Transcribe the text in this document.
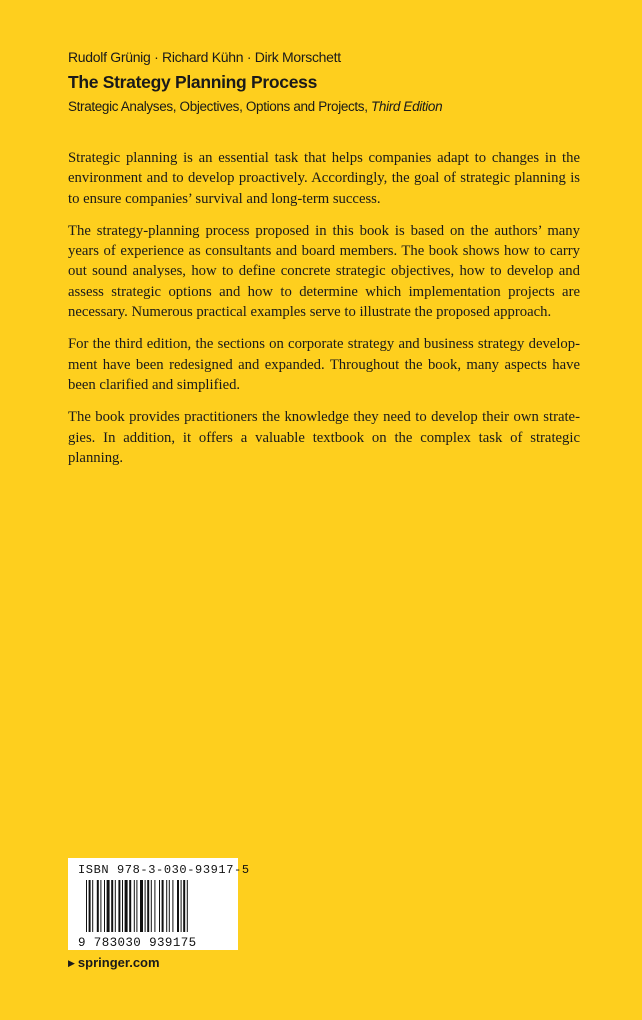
Rudolf Grünig · Richard Kühn · Dirk Morschett

The Strategy Planning Process

Strategic Analyses, Objectives, Options and Projects, Third Edition

Strategic planning is an essential task that helps companies adapt to changes in the environment and to develop proactively. Accordingly, the goal of strategic planning is to ensure companies’ survival and long-term success.

The strategy-planning process proposed in this book is based on the authors’ many years of experience as consultants and board members. The book shows how to carry out sound analyses, how to define concrete strategic objectives, how to develop and assess strategic options and how to determine which implementation projects are necessary. Numerous practical examples serve to illustrate the proposed approach.

For the third edition, the sections on corporate strategy and business strategy development have been redesigned and expanded. Throughout the book, many aspects have been clarified and simplified.

The book provides practitioners the knowledge they need to develop their own strategies. In addition, it offers a valuable textbook on the complex task of strategic planning.

ISBN 978-3-030-93917-5
9 783030 939175
▶ springer.com
